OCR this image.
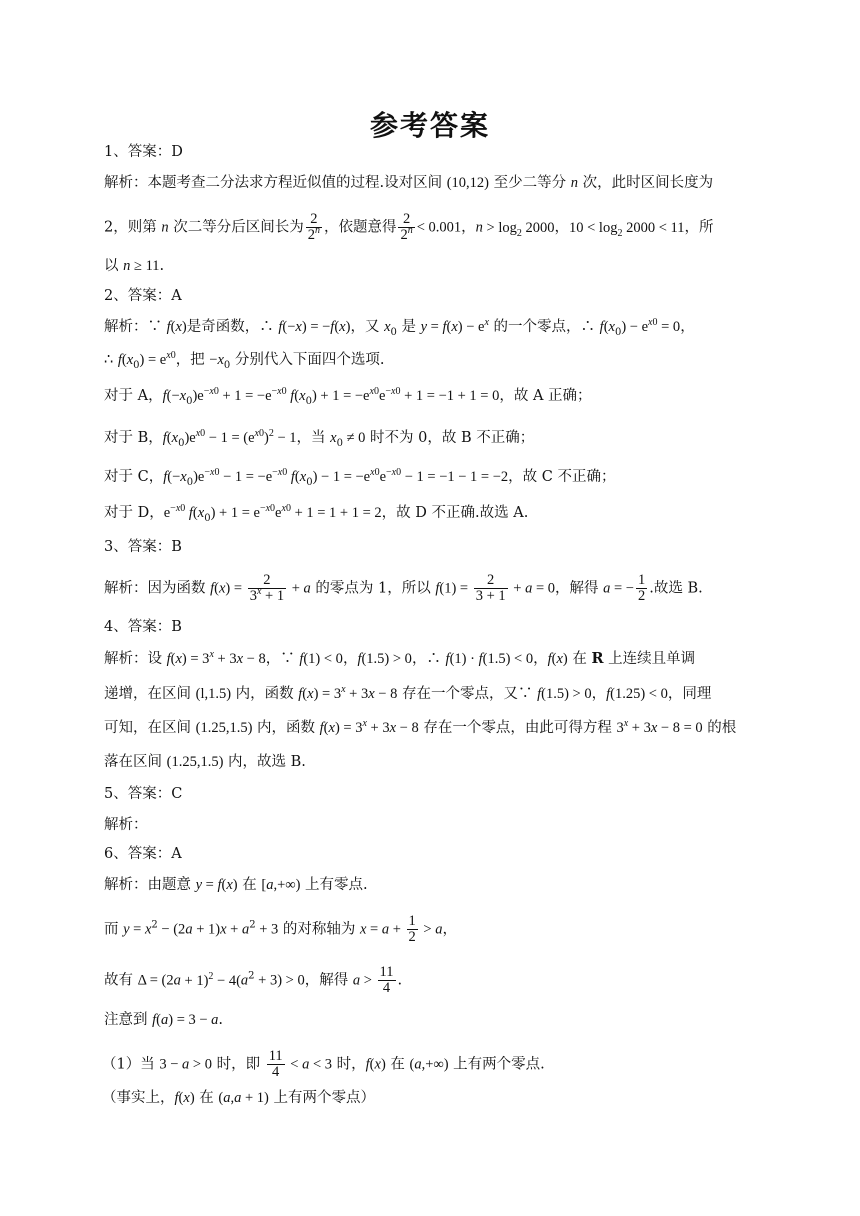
参考答案
1、答案：D
解析：本题考查二分法求方程近似值的过程.设对区间 (10,12) 至少二等分 n 次，此时区间长度为
2，则第 n 次二等分后区间长为 $\frac{2}{2^n}$ ，依题意得 $\frac{2}{2^n} < 0.001$，$n > \log_2 2000$，$10 < \log_2 2000 < 11$，所
以 n ≥ 11.
2、答案：A
解析：∵ f(x)是奇函数，∴ f(−x) = −f(x)，又 $x_0$ 是 $y = f(x) - e^x$ 的一个零点，∴ $f(x_0) - e^{x0} = 0$，
∴ $f(x_0) = e^{x0}$，把 $-x_0$ 分别代入下面四个选项.
对于 A，$f(-x_0)e^{-x0} + 1 = -e^{-x0}$ $f(x_0) + 1 = -e^{x0}e^{-x0} + 1 = -1 + 1 = 0$，故 A 正确；
对于 B，$f(x_0)e^{x0} - 1 = (e^{x0})^2 - 1$，当 $x_0 \ne 0$ 时不为 0，故 B 不正确；
对于 C，$f(-x_0)e^{-x0} - 1 = -e^{-x0}$ $f(x_0) - 1 = -e^{x0}e^{-x0} - 1 = -1 - 1 = -2$，故 C 不正确；
对于 D，$e^{-x0}$ $f(x_0) + 1 = e^{-x0}e^{x0} + 1 = 1 + 1 = 2$，故 D 不正确.故选 A.
3、答案：B
解析：因为函数 $f(x) = \frac{2}{3^x + 1} + a$ 的零点为 1，所以 $f(1) = \frac{2}{3 + 1} + a = 0$，解得 a = − $\frac{1}{2}$ .故选 B.
4、答案：B
解析：设 $f(x) = 3^x + 3x - 8$，∵ f(1) < 0，f(1.5) > 0，∴ f(1) · f(1.5) < 0，f(x) 在 R 上连续且单调
递增，在区间 (l,1.5) 内，函数 $f(x) = 3^x + 3x - 8$ 存在一个零点，又∵ f(1.5) > 0，f(1.25) < 0，同理
可知，在区间 (1.25,1.5) 内，函数 $f(x) = 3^x + 3x - 8$ 存在一个零点，由此可得方程 $3^x + 3x - 8 = 0$ 的根
落在区间 (1.25,1.5) 内，故选 B.
5、答案：C
解析：
6、答案：A
解析：由题意 y = f(x) 在 [a,+∞) 上有零点.
而 $y = x^2 - (2a + 1)x + a^2 + 3$ 的对称轴为 $x = a + \frac{1}{2} > a$，
故有 $\Delta = (2a + 1)^2 - 4(a^2 + 3) > 0$，解得 $a > \frac{11}{4}$ .
注意到 f(a) = 3 − a.
（1）当 3 − a > 0 时，即 $\frac{11}{4} < a < 3$ 时，f(x) 在 (a,+∞) 上有两个零点.
（事实上，f(x) 在 (a,a + 1) 上有两个零点）
